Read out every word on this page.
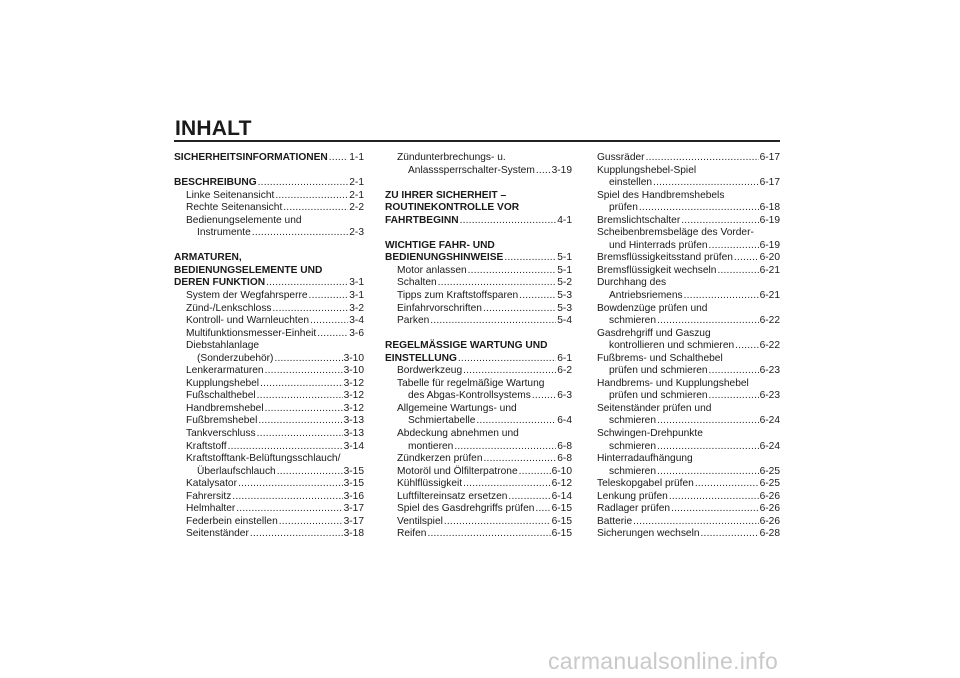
INHALT
SICHERHEITSINFORMATIONEN ..... 1-1
BESCHREIBUNG .....	2-1
Linke Seitenansicht .....	2-1
Rechte Seitenansicht .....	2-2
Bedienungselemente und
Instrumente .....	2-3
ARMATUREN,
BEDIENUNGSELEMENTE UND
DEREN FUNKTION .....	3-1
System der Wegfahrsperre .....	3-1
Zünd-/Lenkschloss .....	3-2
Kontroll- und Warnleuchten .....	3-4
Multifunktionsmesser-Einheit .....	3-6
Diebstahlanlage
(Sonderzubehör) .....	3-10
Lenkerarmaturen .....	3-10
Kupplungshebel .....	3-12
Fußschalthebel .....	3-12
Handbremshebel .....	3-12
Fußbremshebel .....	3-13
Tankverschluss .....	3-13
Kraftstoff .....	3-14
Kraftstofftank-Belüftungsschlauch/
Überlaufschlauch .....	3-15
Katalysator .....	3-15
Fahrersitz .....	3-16
Helmhalter .....	3-17
Federbein einstellen .....	3-17
Seitenständer .....	3-18
Zündunterbrechungs- u.
Anlasssperrschalter-System ..... 3-19
ZU IHRER SICHERHEIT –
ROUTINEKONTROLLE VOR
FAHRTBEGINN .....	4-1
WICHTIGE FAHR- UND
BEDIENUNGSHINWEISE .....	5-1
Motor anlassen .....	5-1
Schalten .....	5-2
Tipps zum Kraftstoffsparen .....	5-3
Einfahrvorschriften .....	5-3
Parken .....	5-4
REGELMÄSSIGE WARTUNG UND
EINSTELLUNG .....	6-1
Bordwerkzeug .....	6-2
Tabelle für regelmäßige Wartung
des Abgas-Kontrollsystems .....	6-3
Allgemeine Wartungs- und
Schmiertabelle .....	6-4
Abdeckung abnehmen und
montieren .....	6-8
Zündkerzen prüfen .....	6-8
Motoröl und Ölfilterpatrone .....	6-10
Kühlflüssigkeit .....	6-12
Luftfiltereinsatz ersetzen .....	6-14
Spiel des Gasdrehgriffs prüfen ..... 6-15
Ventilspiel .....	6-15
Reifen .....	6-15
Gussräder .....	6-17
Kupplungshebel-Spiel
einstellen .....	6-17
Spiel des Handbremshebels
prüfen .....	6-18
Bremslichtschalter .....	6-19
Scheibenbremsbeläge des Vorder-
und Hinterrads prüfen .....	6-19
Bremsflüssigkeitsstand prüfen .....	6-20
Bremsflüssigkeit wechseln .....	6-21
Durchhang des
Antriebsriemens .....	6-21
Bowdenzüge prüfen und
schmieren .....	6-22
Gasdrehgriff und Gaszug
kontrollieren und schmieren ..... 6-22
Fußbrems- und Schalthebel
prüfen und schmieren .....	6-23
Handbrems- und Kupplungshebel
prüfen und schmieren .....	6-23
Seitenständer prüfen und
schmieren .....	6-24
Schwingen-Drehpunkte
schmieren .....	6-24
Hinterradaufhängung
schmieren .....	6-25
Teleskopgabel prüfen .....	6-25
Lenkung prüfen .....	6-26
Radlager prüfen .....	6-26
Batterie .....	6-26
Sicherungen wechseln .....	6-28
carmanualsonline.info
